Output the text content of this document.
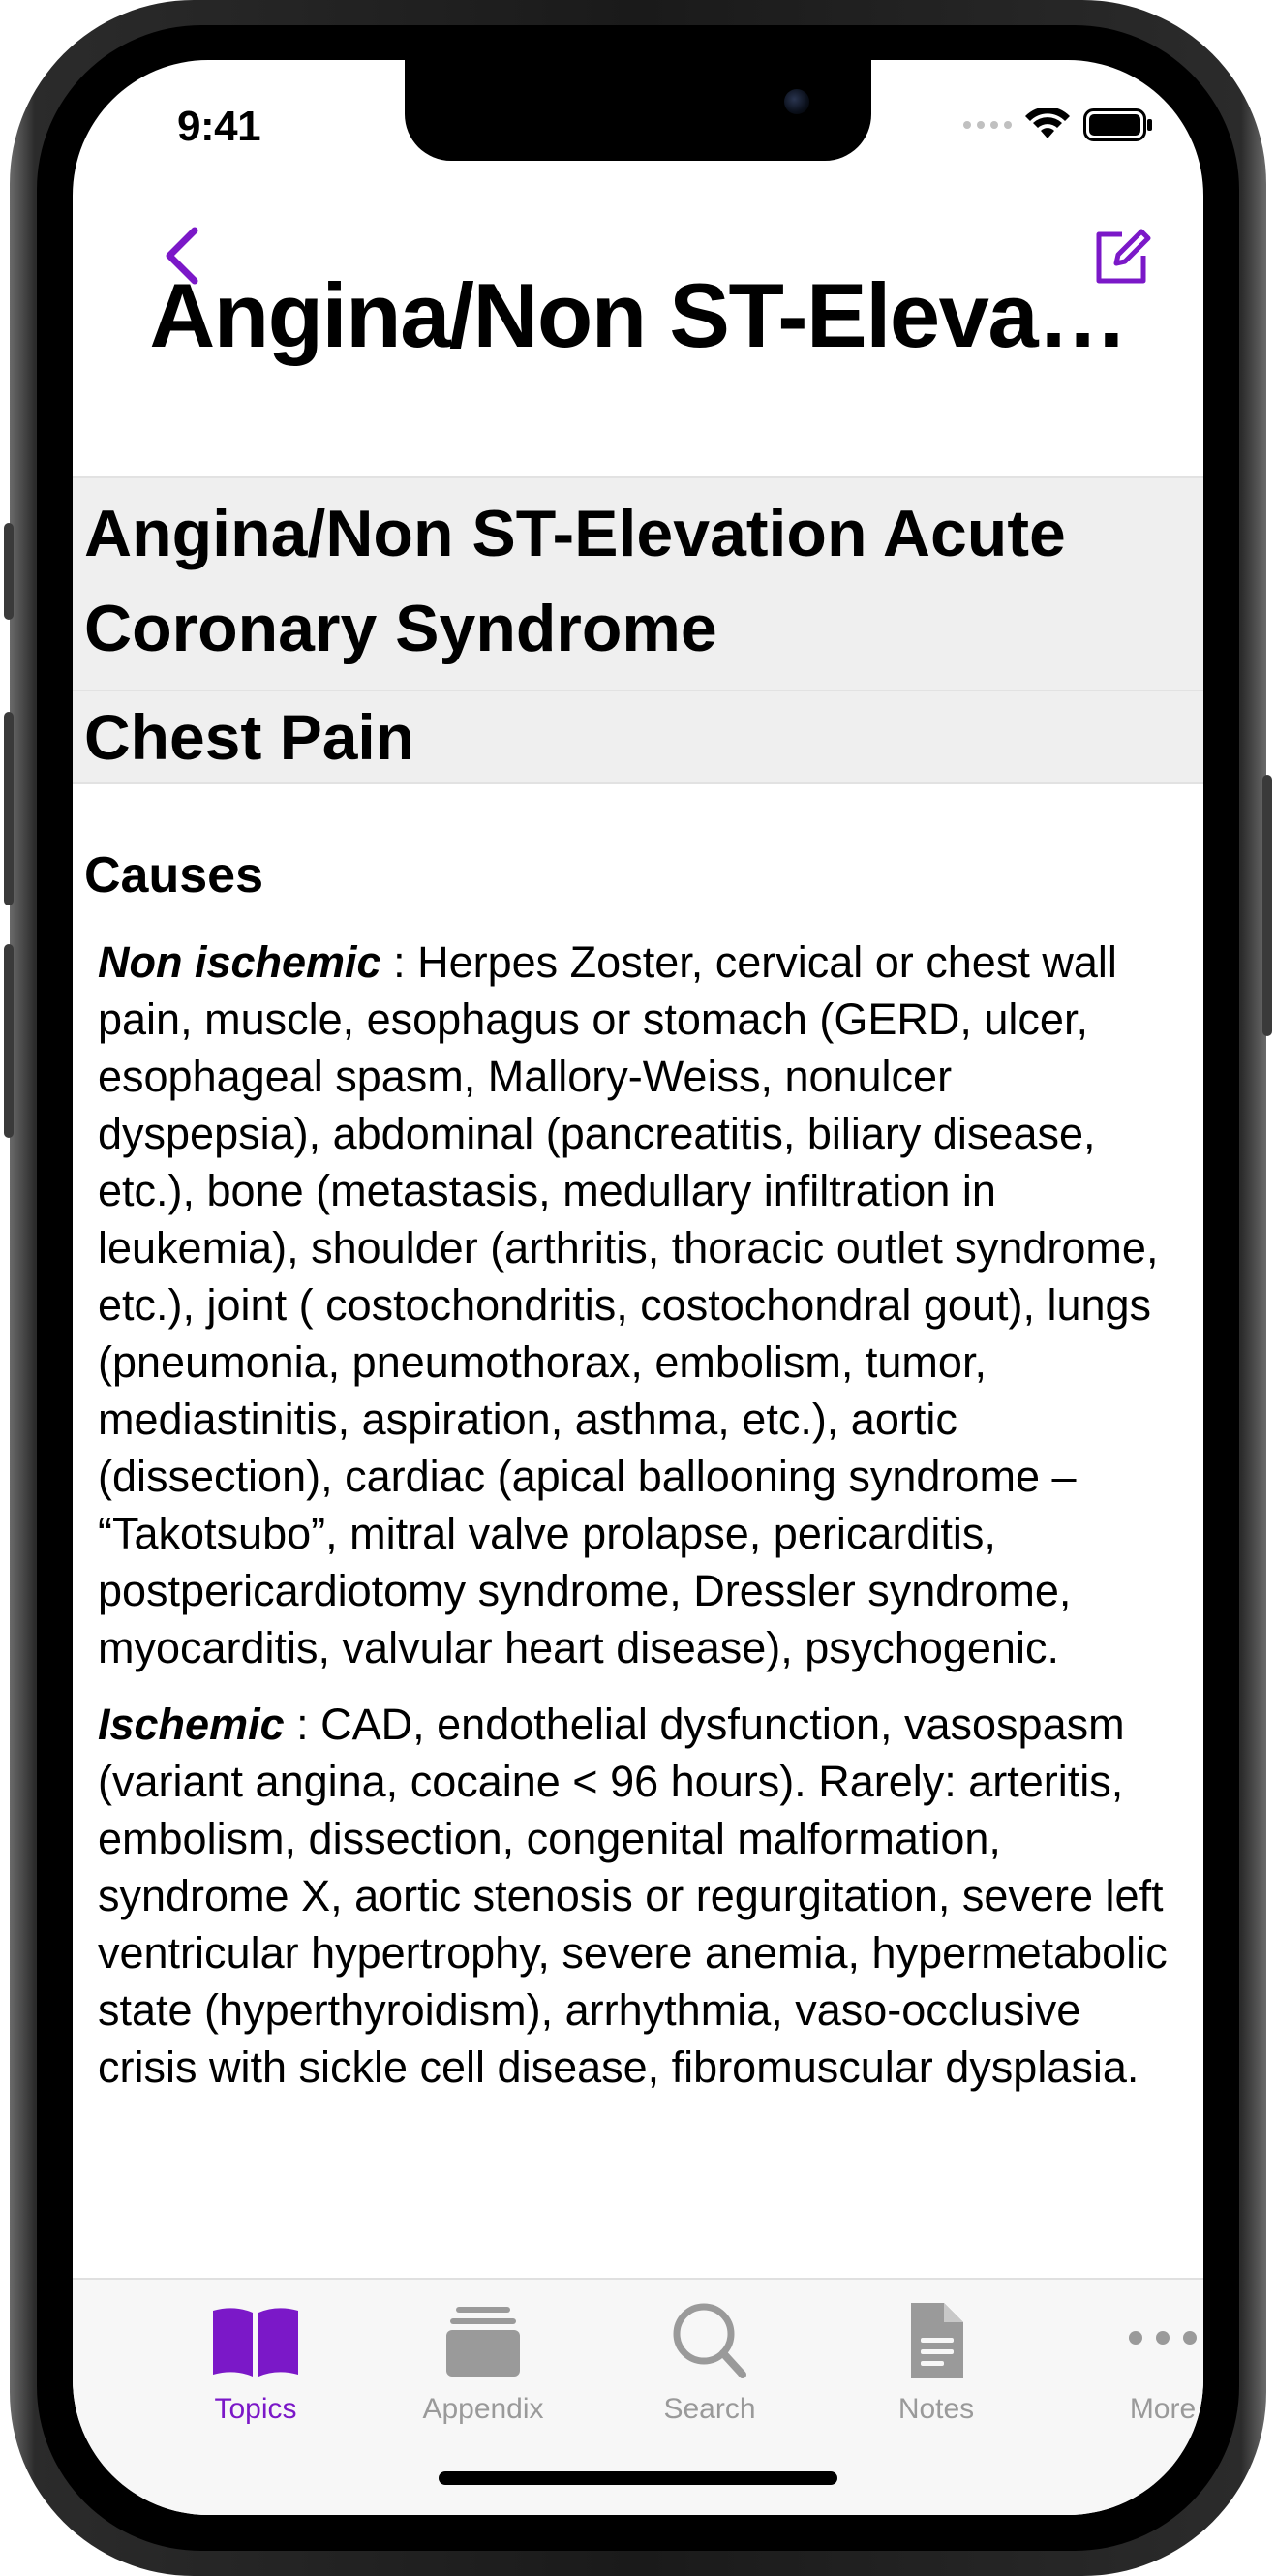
9:41
Angina/Non ST-Eleva…
Angina/Non ST-Elevation Acute Coronary Syndrome
Chest Pain
Causes

Non ischemic : Herpes Zoster, cervical or chest wall pain, muscle, esophagus or stomach (GERD, ulcer, esophageal spasm, Mallory-Weiss, nonulcer dyspepsia), abdominal (pancreatitis, biliary disease, etc.), bone (metastasis, medullary infiltration in leukemia), shoulder (arthritis, thoracic outlet syndrome, etc.), joint ( costochondritis, costochondral gout), lungs (pneumonia, pneumothorax, embolism, tumor, mediastinitis, aspiration, asthma, etc.), aortic (dissection), cardiac (apical ballooning syndrome – “Takotsubo”, mitral valve prolapse, pericarditis, postpericardiotomy syndrome, Dressler syndrome, myocarditis, valvular heart disease), psychogenic.

Ischemic : CAD, endothelial dysfunction, vasospasm (variant angina, cocaine < 96 hours). Rarely: arteritis, embolism, dissection, congenital malformation, syndrome X, aortic stenosis or regurgitation, severe left ventricular hypertrophy, severe anemia, hypermetabolic state (hyperthyroidism), arrhythmia, vaso-occlusive crisis with sickle cell disease, fibromuscular dysplasia.

Topics	Appendix	Search	Notes	More
